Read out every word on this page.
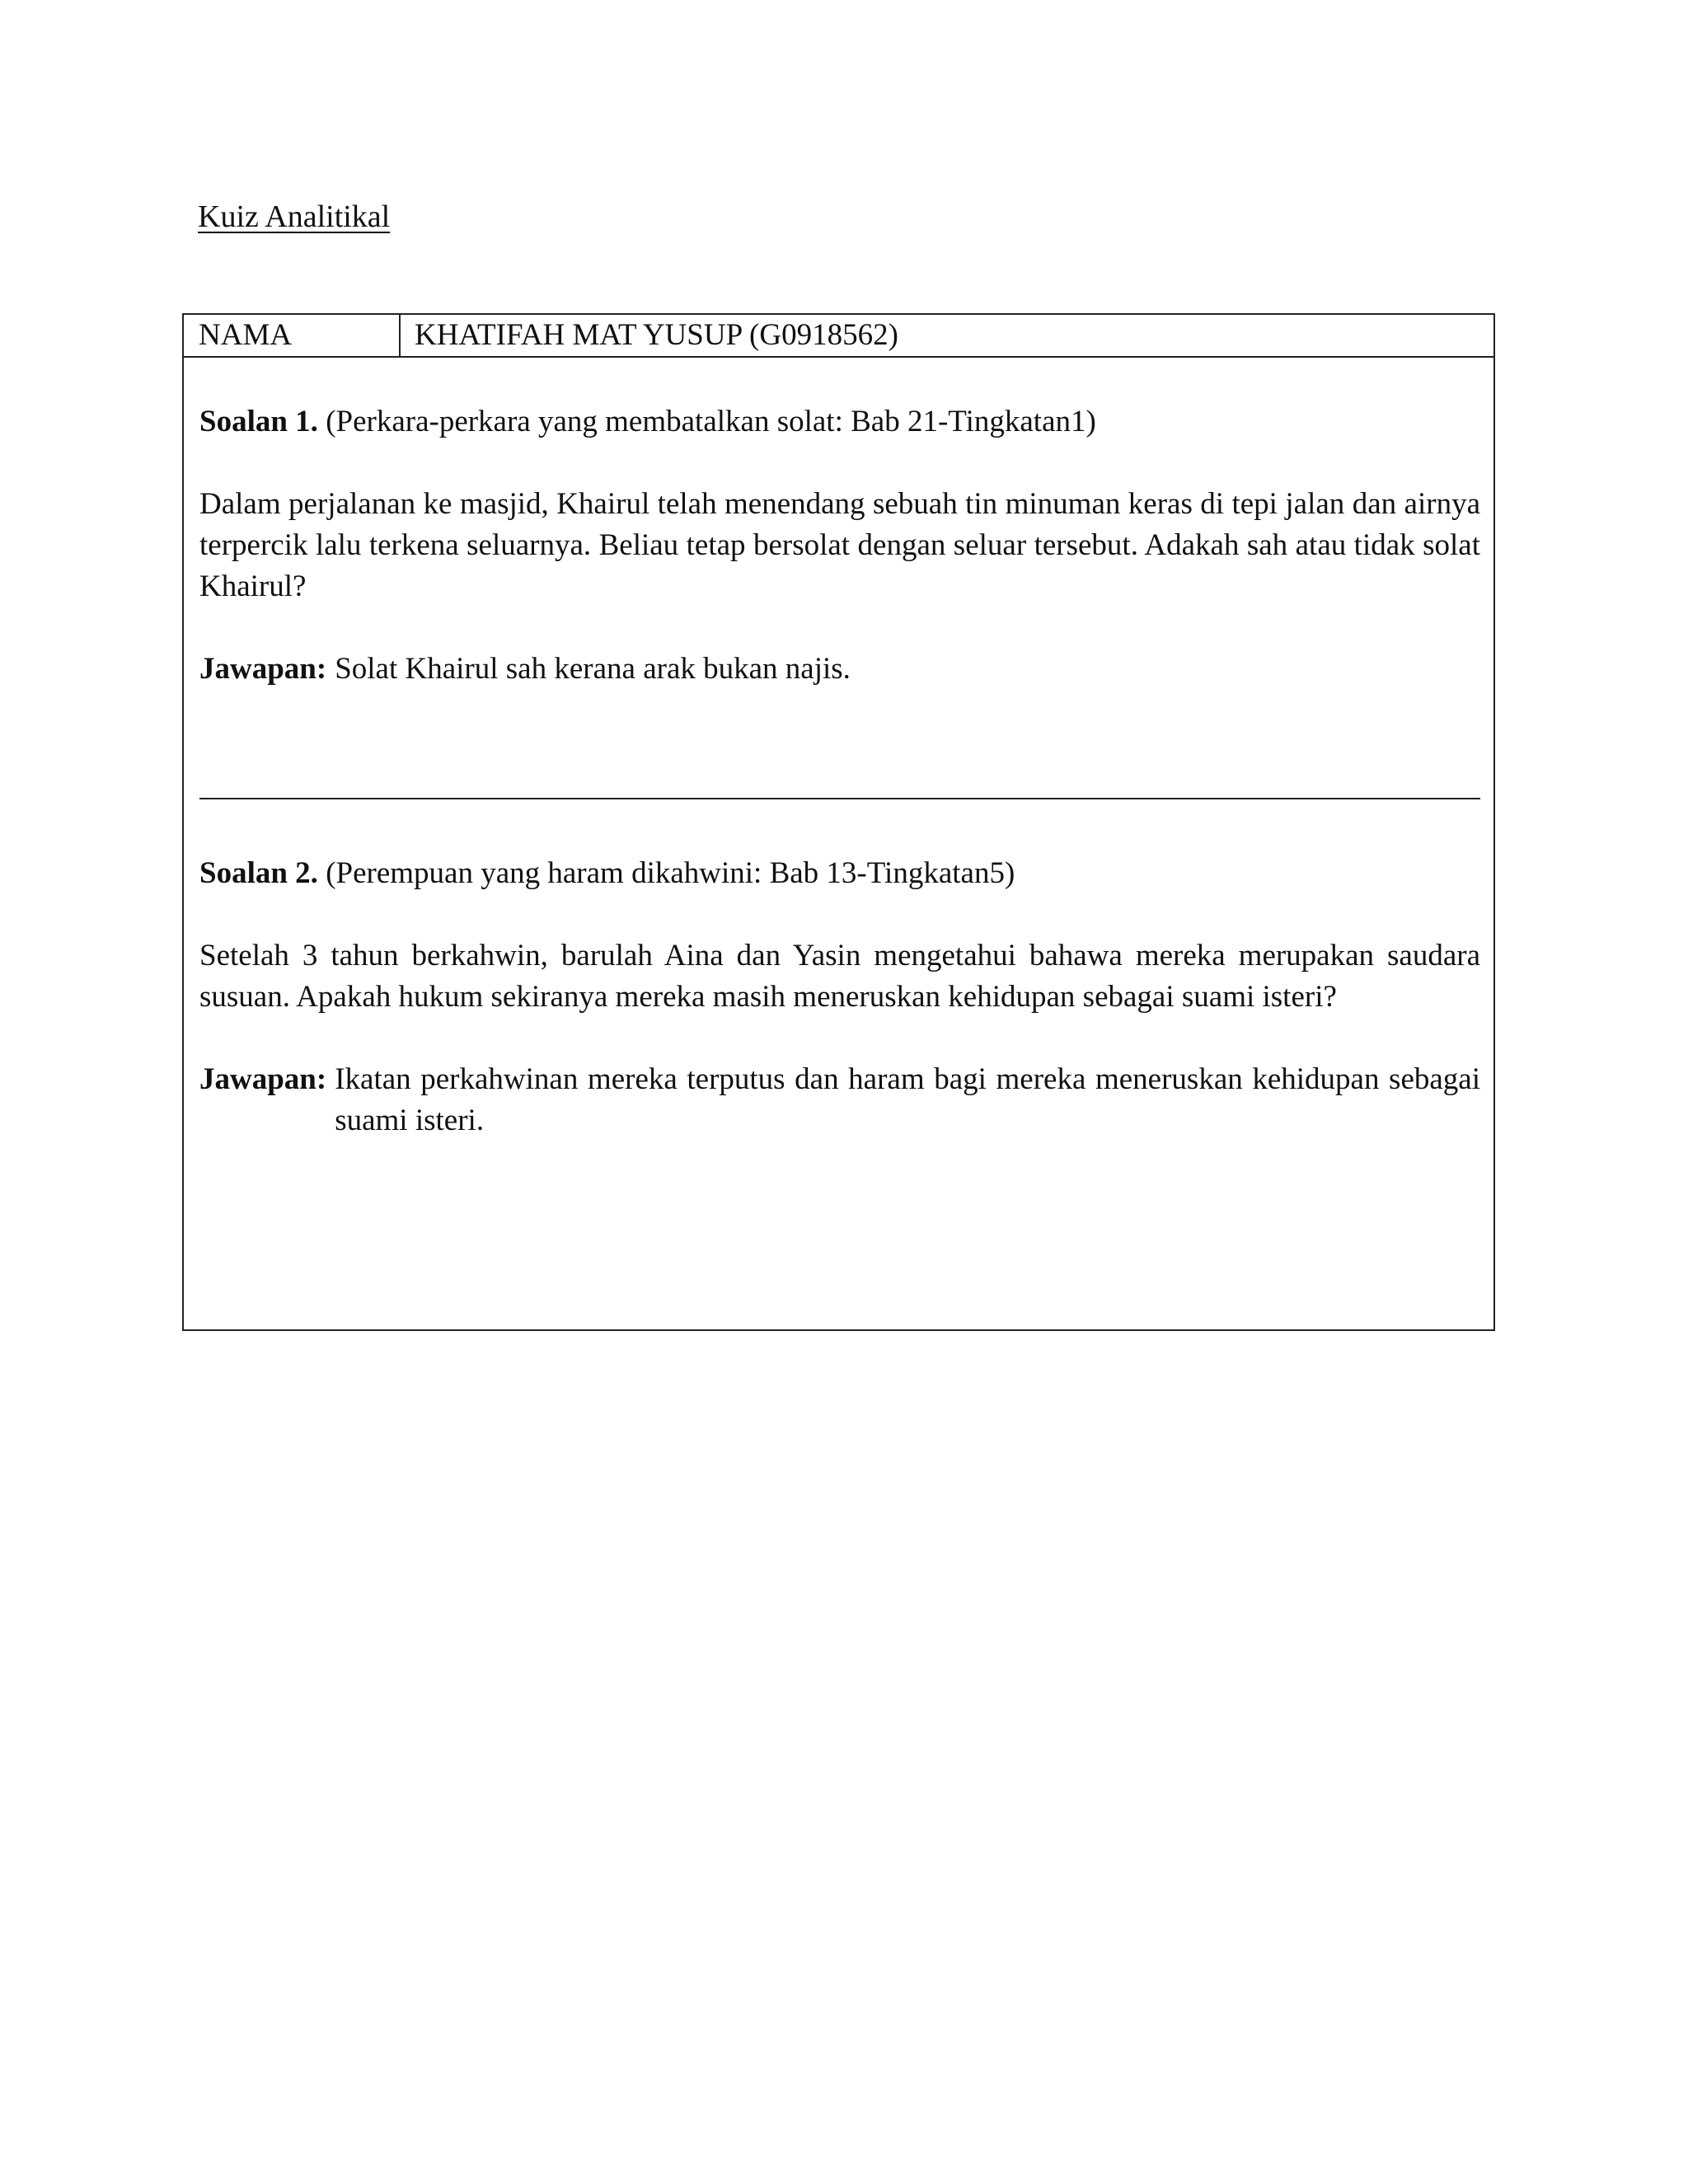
Kuiz Analitikal
NAMA	KHATIFAH MAT YUSUP (G0918562)
Soalan 1. (Perkara-perkara yang membatalkan solat: Bab 21-Tingkatan1)
Dalam perjalanan ke masjid, Khairul telah menendang sebuah tin minuman keras di tepi jalan dan airnya terpercik lalu terkena seluarnya. Beliau tetap bersolat dengan seluar tersebut. Adakah sah atau tidak solat Khairul?
Jawapan: Solat Khairul sah kerana arak bukan najis.
Soalan 2. (Perempuan yang haram dikahwini: Bab 13-Tingkatan5)
Setelah 3 tahun berkahwin, barulah Aina dan Yasin mengetahui bahawa mereka merupakan saudara susuan. Apakah hukum sekiranya mereka masih meneruskan kehidupan sebagai suami isteri?
Jawapan: Ikatan perkahwinan mereka terputus dan haram bagi mereka meneruskan kehidupan sebagai suami isteri.
